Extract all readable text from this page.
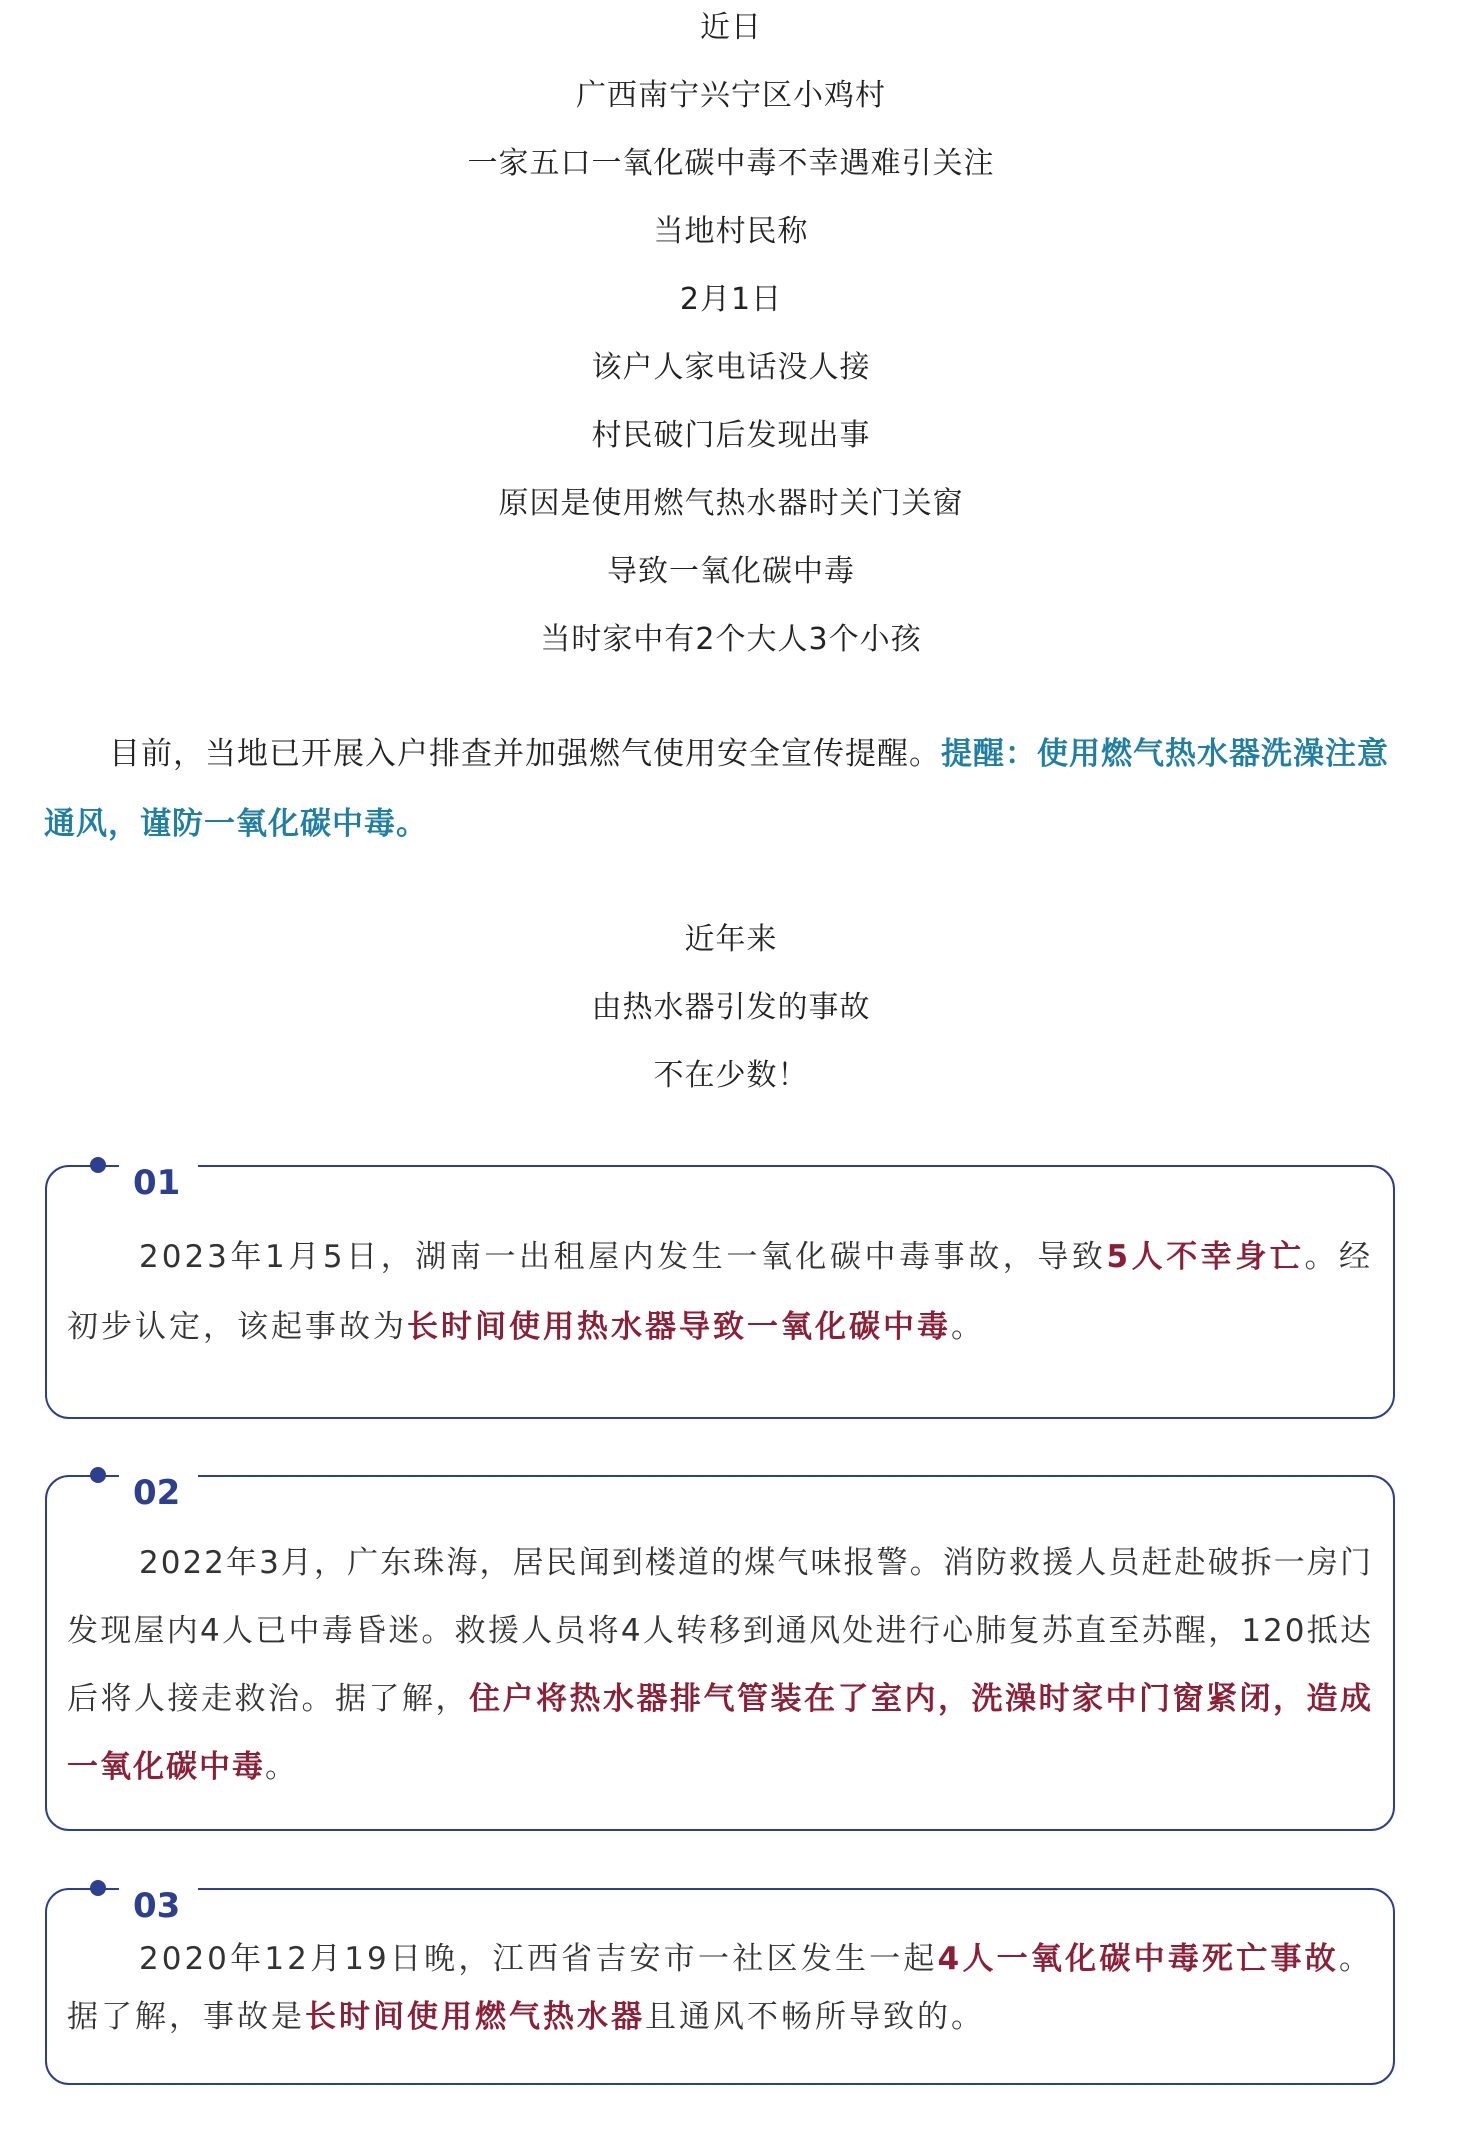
近日
广西南宁兴宁区小鸡村
一家五口一氧化碳中毒不幸遇难引关注
当地村民称
2月1日
该户人家电话没人接
村民破门后发现出事
原因是使用燃气热水器时关门关窗
导致一氧化碳中毒
当时家中有2个大人3个小孩

目前，当地已开展入户排查并加强燃气使用安全宣传提醒。提醒：使用燃气热水器洗澡注意通风，谨防一氧化碳中毒。

近年来
由热水器引发的事故
不在少数！
01

2023年1月5日，湖南一出租屋内发生一氧化碳中毒事故，导致5人不幸身亡。经初步认定，该起事故为长时间使用热水器导致一氧化碳中毒。

02

2022年3月，广东珠海，居民闻到楼道的煤气味报警。消防救援人员赶赴破拆一房门发现屋内4人已中毒昏迷。救援人员将4人转移到通风处进行心肺复苏直至苏醒，120抵达后将人接走救治。据了解，住户将热水器排气管装在了室内，洗澡时家中门窗紧闭，造成一氧化碳中毒。

03

2020年12月19日晚，江西省吉安市一社区发生一起4人一氧化碳中毒死亡事故。据了解，事故是长时间使用燃气热水器且通风不畅所导致的。
